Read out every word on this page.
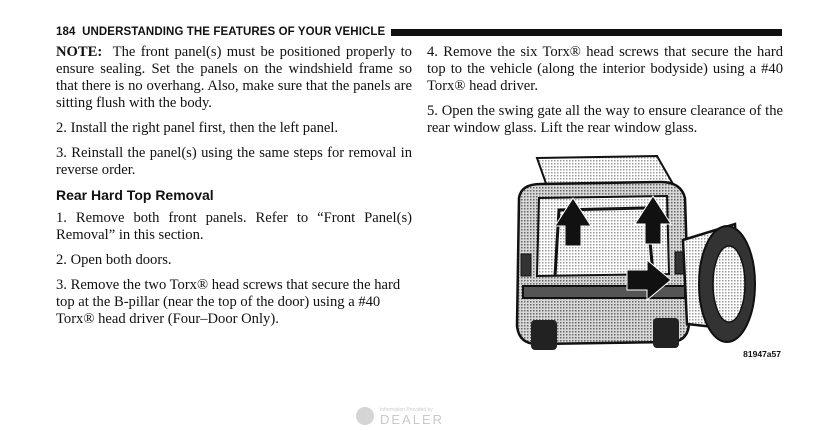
184 UNDERSTANDING THE FEATURES OF YOUR VEHICLE

NOTE: The front panel(s) must be positioned properly to ensure sealing. Set the panels on the windshield frame so that there is no overhang. Also, make sure that the panels are sitting flush with the body.

2. Install the right panel first, then the left panel.

3. Reinstall the panel(s) using the same steps for removal in reverse order.

Rear Hard Top Removal

1. Remove both front panels. Refer to “Front Panel(s) Removal” in this section.

2. Open both doors.

3. Remove the two Torx® head screws that secure the hard top at the B-pillar (near the top of the door) using a #40 Torx® head driver (Four–Door Only).

4. Remove the six Torx® head screws that secure the hard top to the vehicle (along the interior bodyside) using a #40 Torx® head driver.

5. Open the swing gate all the way to ensure clearance of the rear window glass. Lift the rear window glass.

81947a57
Information Provided by
DEALER
